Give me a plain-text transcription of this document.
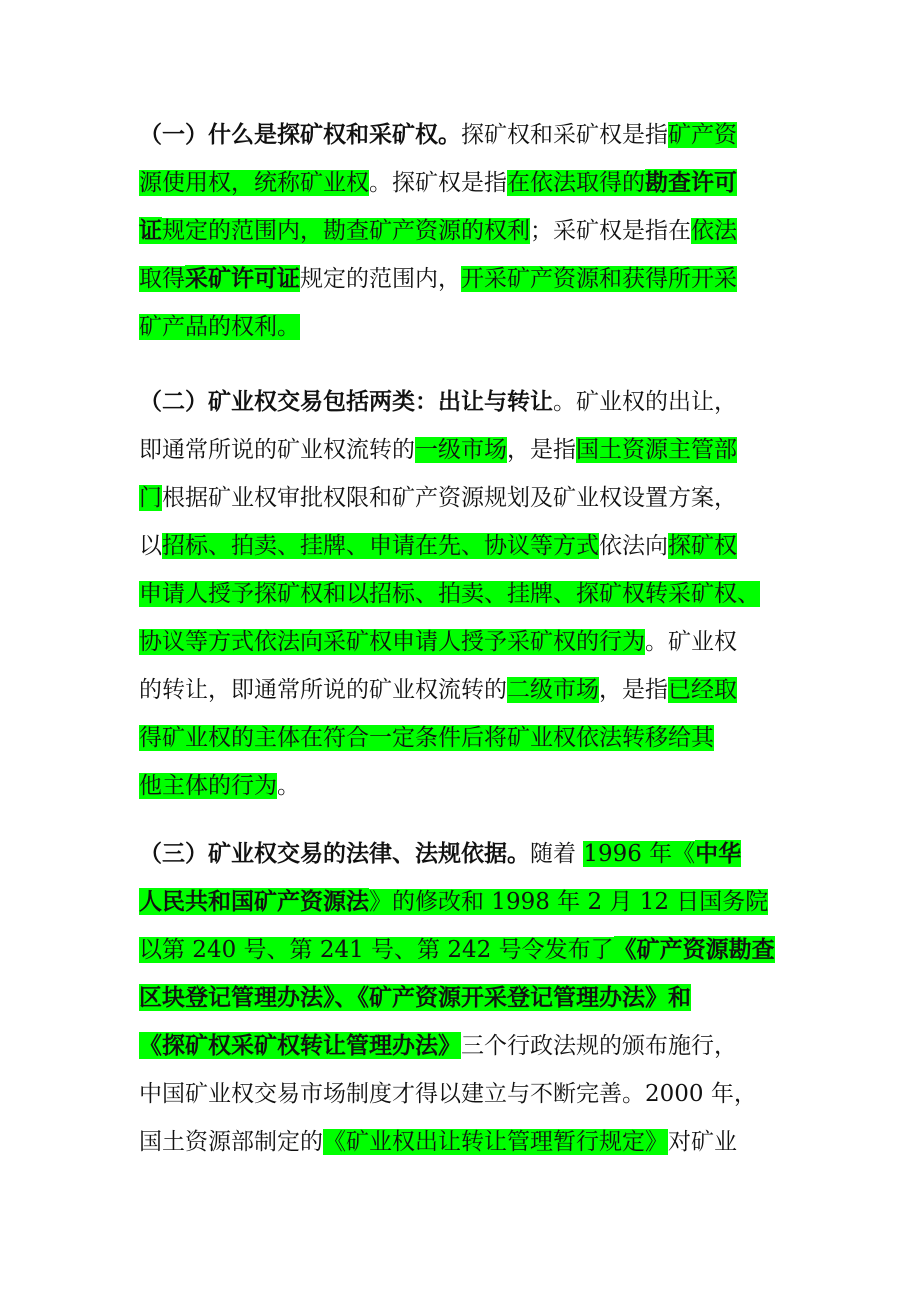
（一）什么是探矿权和采矿权。探矿权和采矿权是指矿产资
源使用权，统称矿业权。探矿权是指在依法取得的勘查许可
证规定的范围内，勘查矿产资源的权利；采矿权是指在依法
取得采矿许可证规定的范围内，开采矿产资源和获得所开采
矿产品的权利。
（二）矿业权交易包括两类：出让与转让。矿业权的出让，
即通常所说的矿业权流转的一级市场，是指国土资源主管部
门根据矿业权审批权限和矿产资源规划及矿业权设置方案，
以招标、拍卖、挂牌、申请在先、协议等方式依法向探矿权
申请人授予探矿权和以招标、拍卖、挂牌、探矿权转采矿权、
协议等方式依法向采矿权申请人授予采矿权的行为。矿业权
的转让，即通常所说的矿业权流转的二级市场，是指已经取
得矿业权的主体在符合一定条件后将矿业权依法转移给其
他主体的行为。
（三）矿业权交易的法律、法规依据。随着 1996 年《中华
人民共和国矿产资源法》的修改和 1998 年 2 月 12 日国务院
以第 240 号、第 241 号、第 242 号令发布了《矿产资源勘查
区块登记管理办法》、《矿产资源开采登记管理办法》和
《探矿权采矿权转让管理办法》三个行政法规的颁布施行，
中国矿业权交易市场制度才得以建立与不断完善。2000 年，
国土资源部制定的《矿业权出让转让管理暂行规定》对矿业
